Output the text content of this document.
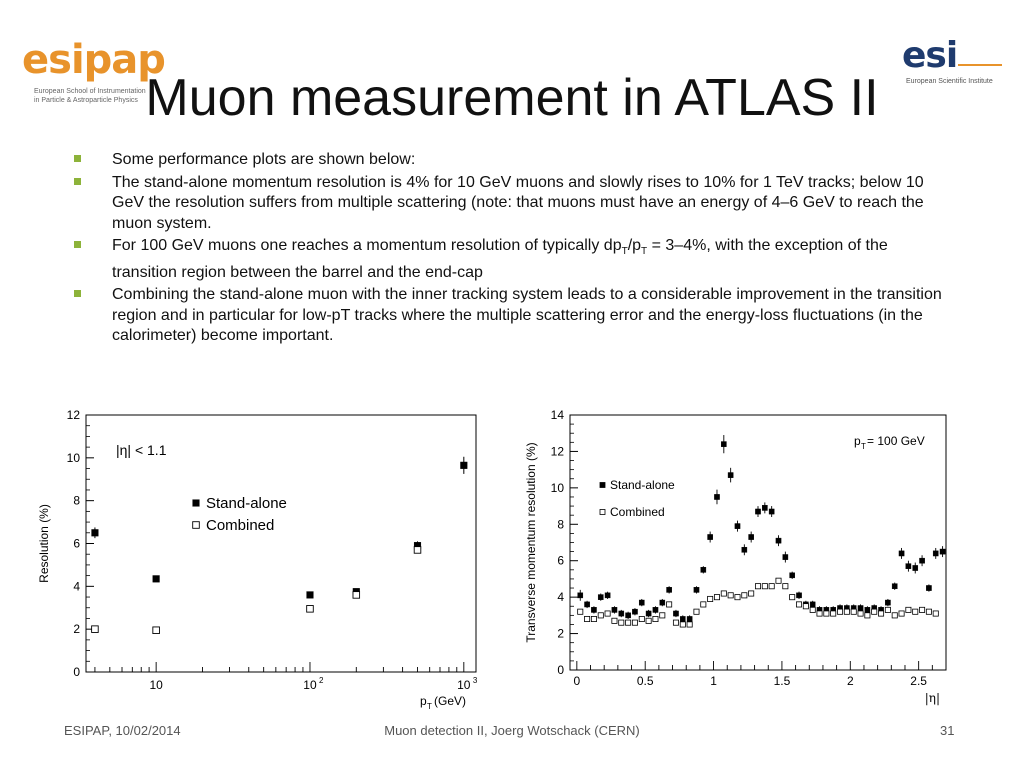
esipap
European School of Instrumentation
in Particle & Astroparticle Physics
esi
European Scientific Institute
Muon measurement in ATLAS II
Some performance plots are shown below:
The stand-alone momentum resolution is 4% for 10 GeV muons and slowly rises to 10% for 1 TeV tracks; below 10 GeV the resolution suffers from multiple scattering (note: that muons must have an energy of 4–6 GeV to reach the muon system.
For 100 GeV muons one reaches a momentum resolution of typically $dp_T/p_T = 3-4\%$, with the exception of the transition region between the barrel and the end-cap
Combining the stand-alone muon with the inner tracking system leads to a considerable improvement in the transition region and in particular for low-pT tracks where the multiple scattering error and the energy-loss fluctuations (in the calorimeter) become important.
0
2
4
6
8
10
12
10	10 2	10 3
Resolution (%)
p T (GeV)
|η| < 1.1
Stand-alone
Combined
0
2
4
6
8
10
12
14
0	0.5	1	1.5	2	2.5
Transverse momentum resolution (%)
|η|
p T = 100 GeV
Stand-alone
Combined
ESIPAP, 10/02/2014	Muon detection II, Joerg Wotschack (CERN)	31
